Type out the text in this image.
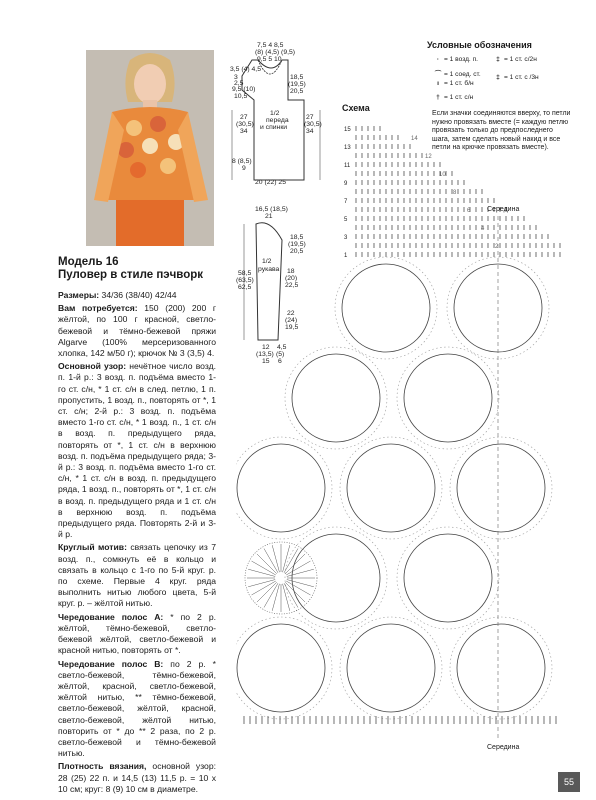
Модель 16
Пуловер в стиле пэчворк

Размеры: 34/36 (38/40) 42/44

Вам потребуется: 150 (200) 200 г жёлтой, по 100 г красной, светло-бежевой и тёмно-бежевой пряжи Algarve (100% мерсеризованного хлопка, 142 м/50 г); крючок № 3 (3,5) 4.

Основной узор: нечётное число возд. п. 1-й р.: 3 возд. п. подъёма вместо 1-го ст. с/н, * 1 ст. с/н в след. петлю, 1 п. пропустить, 1 возд. п., повторять от *, 1 ст. с/н; 2-й р.: 3 возд. п. подъёма вместо 1-го ст. с/н, * 1 возд. п., 1 ст. с/н в возд. п. предыдущего ряда, повторять от *, 1 ст. с/н в верхнюю возд. п. подъёма предыдущего ряда; 3-й р.: 3 возд. п. подъёма вместо 1-го ст. с/н, * 1 ст. с/н в возд. п. предыдущего ряда, 1 возд. п., повторять от *, 1 ст. с/н в возд. п. предыдущего ряда и 1 ст. с/н в верхнюю возд. п. подъёма предыдущего ряда. Повторять 2-й и 3-й р.

Круглый мотив: связать цепочку из 7 возд. п., сомкнуть её в кольцо и связать в кольцо с 1-го по 5-й круг. р. по схеме. Первые 4 круг. ряда выполнить нитью любого цвета, 5-й круг. р. – жёлтой нитью.

Чередование полос А: * по 2 р. жёлтой, тёмно-бежевой, светло-бежевой жёлтой, светло-бежевой и красной нитью, повторять от *.

Чередование полос В: по 2 р. * светло-бежевой, тёмно-бежевой, жёлтой, красной, светло-бежевой, жёлтой нитью, ** тёмно-бежевой, светло-бежевой, жёлтой, красной, светло-бежевой, жёлтой нитью, повторить от * до ** 2 раза, по 2 р. светло-бежевой и тёмно-бежевой нитью.

Плотность вязания, основной узор: 28 (25) 22 п. и 14,5 (13) 11,5 р. = 10 х 10 см; круг: 8 (9) 10 см в диаметре.

7,5 4 8,5
(8) (4,5) (9,5)
9,5 5 10
3,5 (4) 4,5
3
2,5
9,5 (10)
10,5
18,5
(19,5)
20,5
27
(30,5)
34
1/2
переда
и спинки
27
(30,5)
34
8 (8,5)
9
20 (22) 25
16,5 (18,5)
21
18,5
(19,5)
20,5
58,5
(63,5)
62,5
1/2
рукава 18
(20)
22,5
22
(24)
19,5
12
(13,5)
15
4,5
(5)
6
Условные обозначения
· = 1 возд. п.
⌒ = 1 соед. ст.
ı = 1 ст. б/н
† = 1 ст. с/н
‡ = 1 ст. с/2н
‡ = 1 ст. с /3н
Если значки соединяются вверху, то петли нужно провязать вместе (= каждую петлю провязать только до предпоследнего шага, затем сделать новый накид и все петли на крючке провязать вместе).
Схема
15
13
11
9
7
5
3
1
14
12
10
8
6
4
2
Середина
Середина
55
